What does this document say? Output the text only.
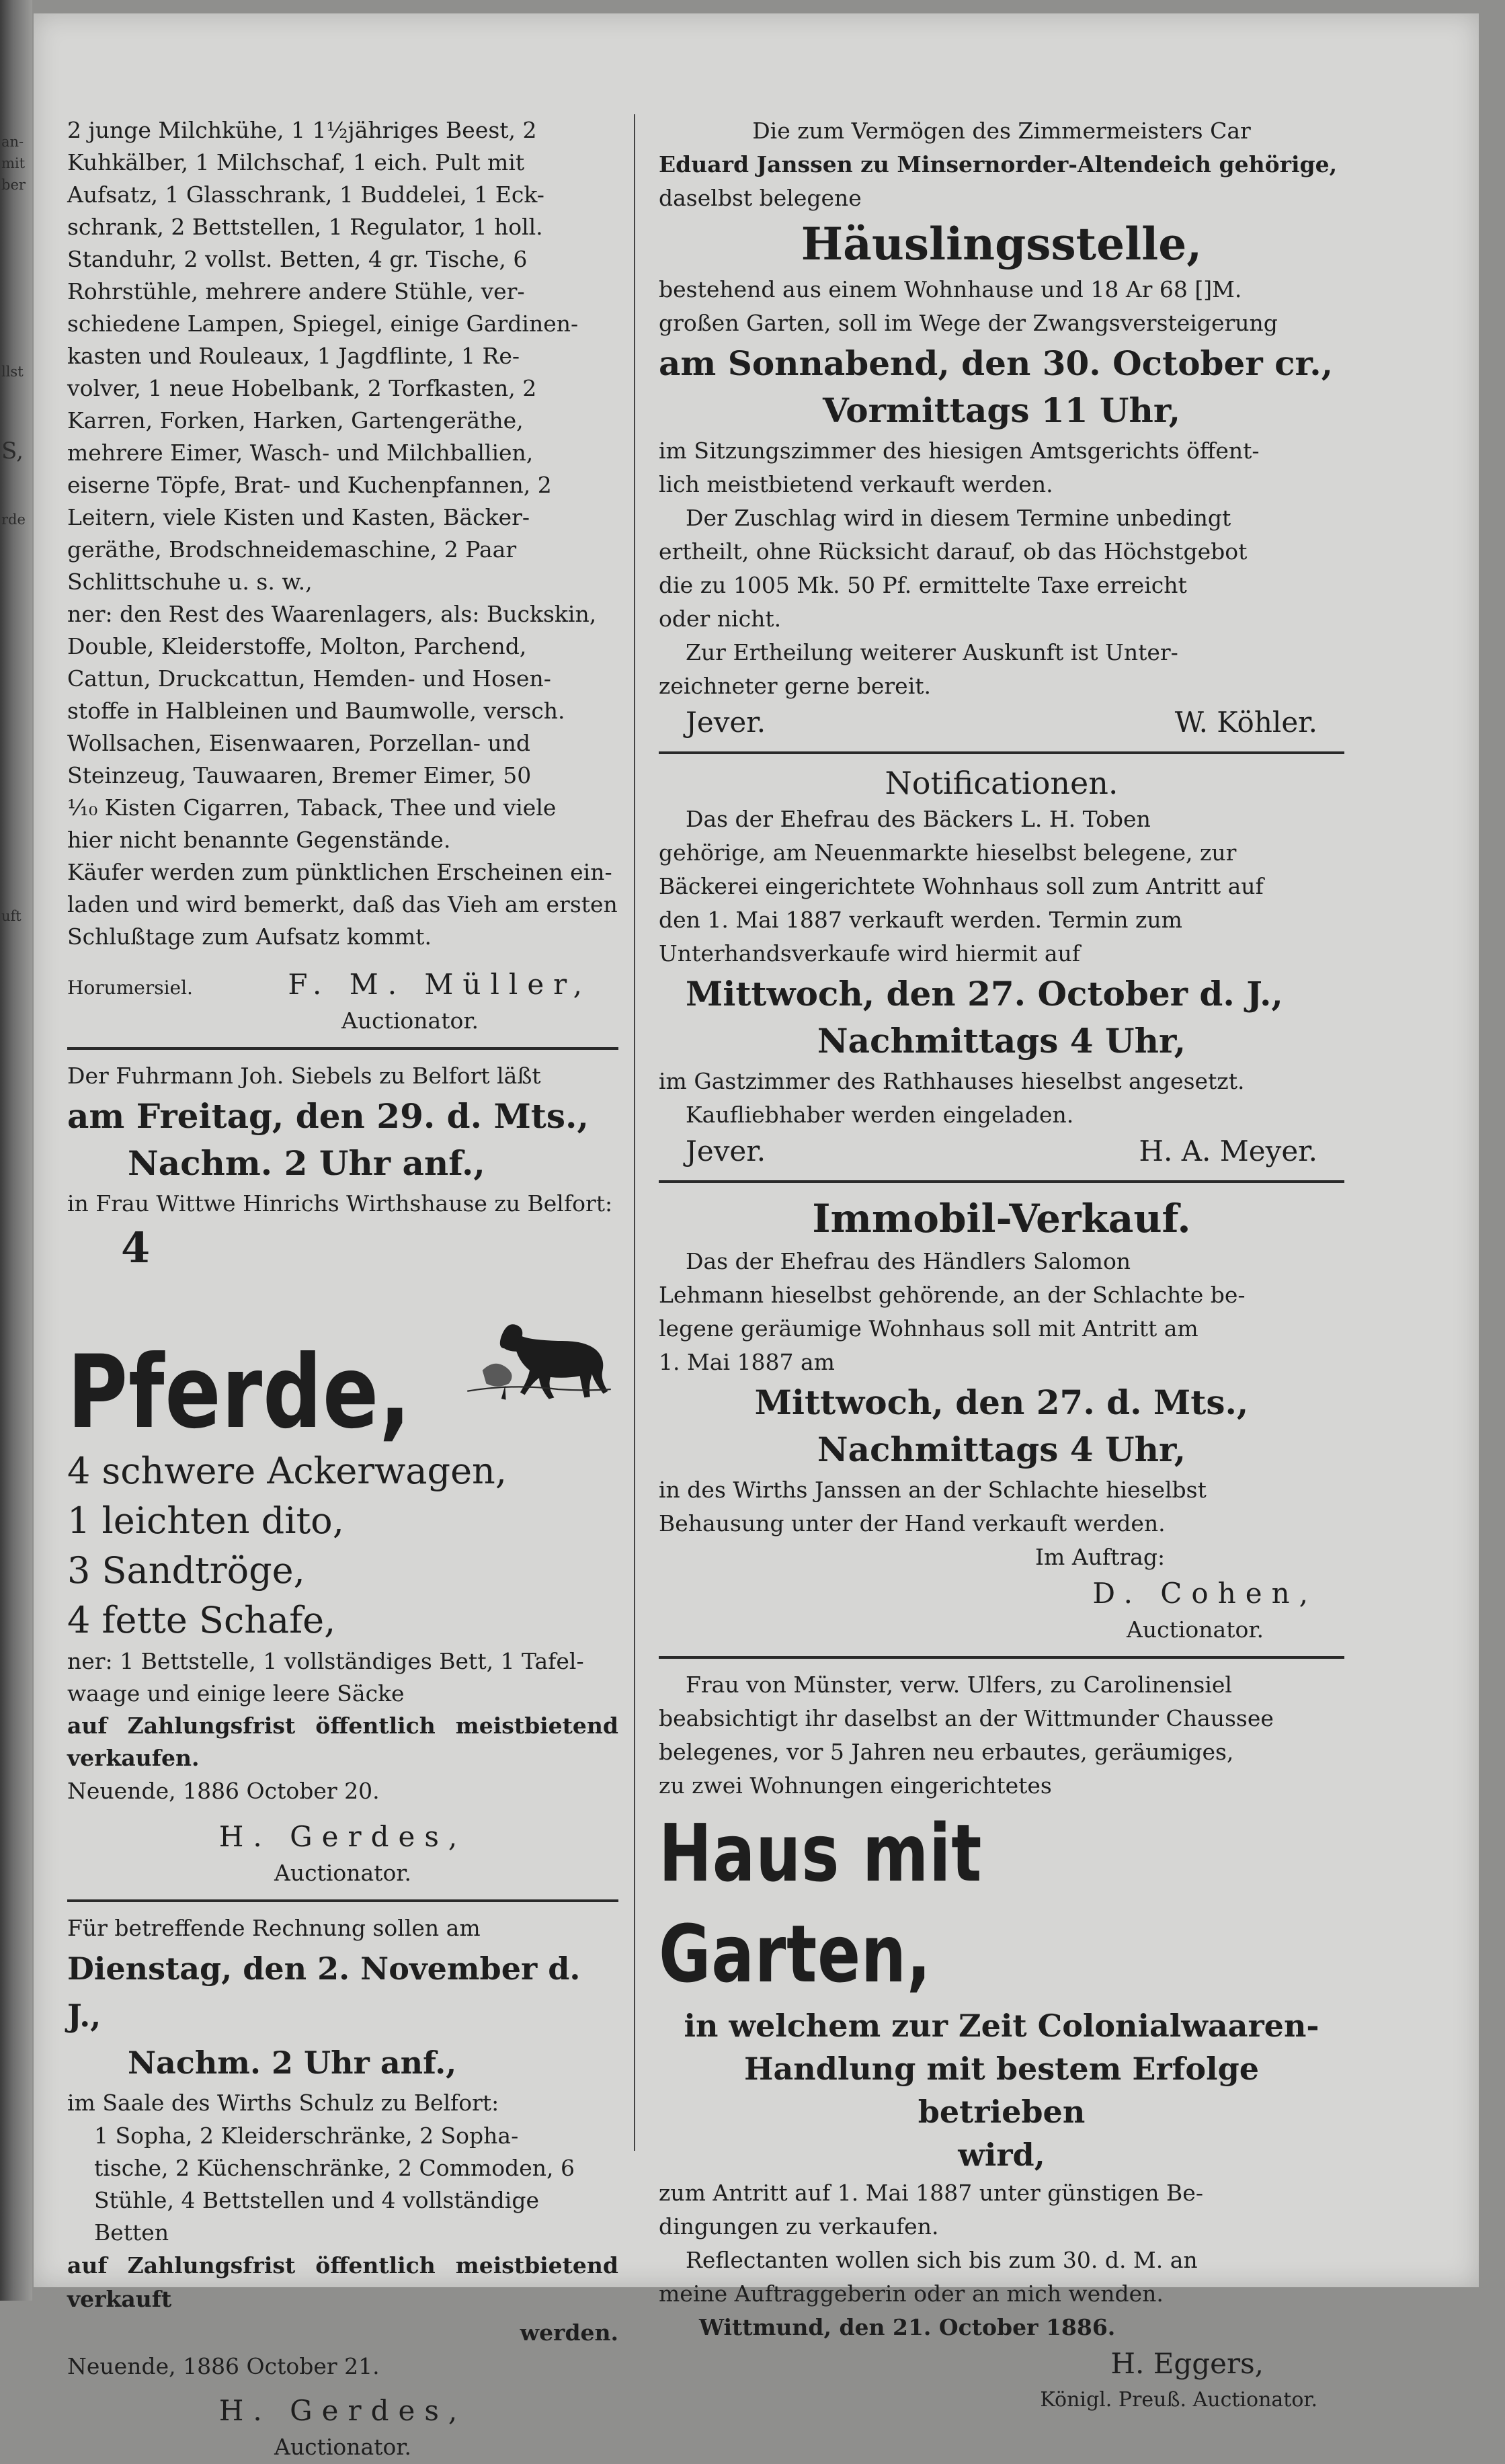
an-
mit
ber
llst
S,
rde
uft
2 junge Milchkühe, 1 1½jähriges Beest, 2
Kuhkälber, 1 Milchschaf, 1 eich. Pult mit
Aufsatz, 1 Glasschrank, 1 Buddelei, 1 Eck-
schrank, 2 Bettstellen, 1 Regulator, 1 holl.
Standuhr, 2 vollst. Betten, 4 gr. Tische, 6
Rohrstühle, mehrere andere Stühle, ver-
schiedene Lampen, Spiegel, einige Gardinen-
kasten und Rouleaux, 1 Jagdflinte, 1 Re-
volver, 1 neue Hobelbank, 2 Torfkasten, 2
Karren, Forken, Harken, Gartengeräthe,
mehrere Eimer, Wasch- und Milchballien,
eiserne Töpfe, Brat- und Kuchenpfannen, 2
Leitern, viele Kisten und Kasten, Bäcker-
geräthe, Brodschneidemaschine, 2 Paar
Schlittschuhe u. s. w.,
ner: den Rest des Waarenlagers, als: Buckskin,
Double, Kleiderstoffe, Molton, Parchend,
Cattun, Druckcattun, Hemden- und Hosen-
stoffe in Halbleinen und Baumwolle, versch.
Wollsachen, Eisenwaaren, Porzellan- und
Steinzeug, Tauwaaren, Bremer Eimer, 50
¹⁄₁₀ Kisten Cigarren, Taback, Thee und viele
hier nicht benannte Gegenstände.
Käufer werden zum pünktlichen Erscheinen ein-
laden und wird bemerkt, daß das Vieh am ersten
Schlußtage zum Aufsatz kommt.
Horumersiel.	F. M. Müller,

Auctionator.

Der Fuhrmann Joh. Siebels zu Belfort läßt

am Freitag, den 29. d. Mts.,

Nachm. 2 Uhr anf.,

in Frau Wittwe Hinrichs Wirthshause zu Belfort:

4

Pferde,
4 schwere Ackerwagen,
1 leichten dito,
3 Sandtröge,
4 fette Schafe,
ner: 1 Bettstelle, 1 vollständiges Bett, 1 Tafel-
waage und einige leere Säcke
auf Zahlungsfrist öffentlich meistbietend verkaufen.

Neuende, 1886 October 20.

H. Gerdes,

Auctionator.

Für betreffende Rechnung sollen am

Dienstag, den 2. November d. J.,

Nachm. 2 Uhr anf.,

im Saale des Wirths Schulz zu Belfort:

1 Sopha, 2 Kleiderschränke, 2 Sopha-
tische, 2 Küchenschränke, 2 Commoden, 6
Stühle, 4 Bettstellen und 4 vollständige
Betten

auf Zahlungsfrist öffentlich meistbietend verkauft

werden.

Neuende, 1886 October 21.

H. Gerdes,

Auctionator.

Die zum Vermögen des Zimmermeisters Car
Eduard Janssen zu Minsernorder-Altendeich gehörige,
daselbst belegene

Häuslingsstelle,

bestehend aus einem Wohnhause und 18 Ar 68 []M.
großen Garten, soll im Wege der Zwangsversteigerung

am Sonnabend, den 30. October cr.,

Vormittags 11 Uhr,

im Sitzungszimmer des hiesigen Amtsgerichts öffent-
lich meistbietend verkauft werden.
Der Zuschlag wird in diesem Termine unbedingt
ertheilt, ohne Rücksicht darauf, ob das Höchstgebot
die zu 1005 Mk. 50 Pf. ermittelte Taxe erreicht
oder nicht.
Zur Ertheilung weiterer Auskunft ist Unter-
zeichneter gerne bereit.
Jever.	W. Köhler.

Notificationen.

Das der Ehefrau des Bäckers L. H. Toben
gehörige, am Neuenmarkte hieselbst belegene, zur
Bäckerei eingerichtete Wohnhaus soll zum Antritt auf
den 1. Mai 1887 verkauft werden. Termin zum
Unterhandsverkaufe wird hiermit auf

Mittwoch, den 27. October d. J.,

Nachmittags 4 Uhr,

im Gastzimmer des Rathhauses hieselbst angesetzt.
Kaufliebhaber werden eingeladen.
Jever.	H. A. Meyer.

Immobil-Verkauf.

Das der Ehefrau des Händlers Salomon
Lehmann hieselbst gehörende, an der Schlachte be-
legene geräumige Wohnhaus soll mit Antritt am
1. Mai 1887 am

Mittwoch, den 27. d. Mts.,

Nachmittags 4 Uhr,

in des Wirths Janssen an der Schlachte hieselbst
Behausung unter der Hand verkauft werden.

Im Auftrag:

D. Cohen,

Auctionator.

Frau von Münster, verw. Ulfers, zu Carolinensiel
beabsichtigt ihr daselbst an der Wittmunder Chaussee
belegenes, vor 5 Jahren neu erbautes, geräumiges,
zu zwei Wohnungen eingerichtetes

Haus mit Garten,

in welchem zur Zeit Colonialwaaren-
Handlung mit bestem Erfolge betrieben
wird,
zum Antritt auf 1. Mai 1887 unter günstigen Be-
dingungen zu verkaufen.
Reflectanten wollen sich bis zum 30. d. M. an
meine Auftraggeberin oder an mich wenden.

Wittmund, den 21. October 1886.

H. Eggers,

Königl. Preuß. Auctionator.
